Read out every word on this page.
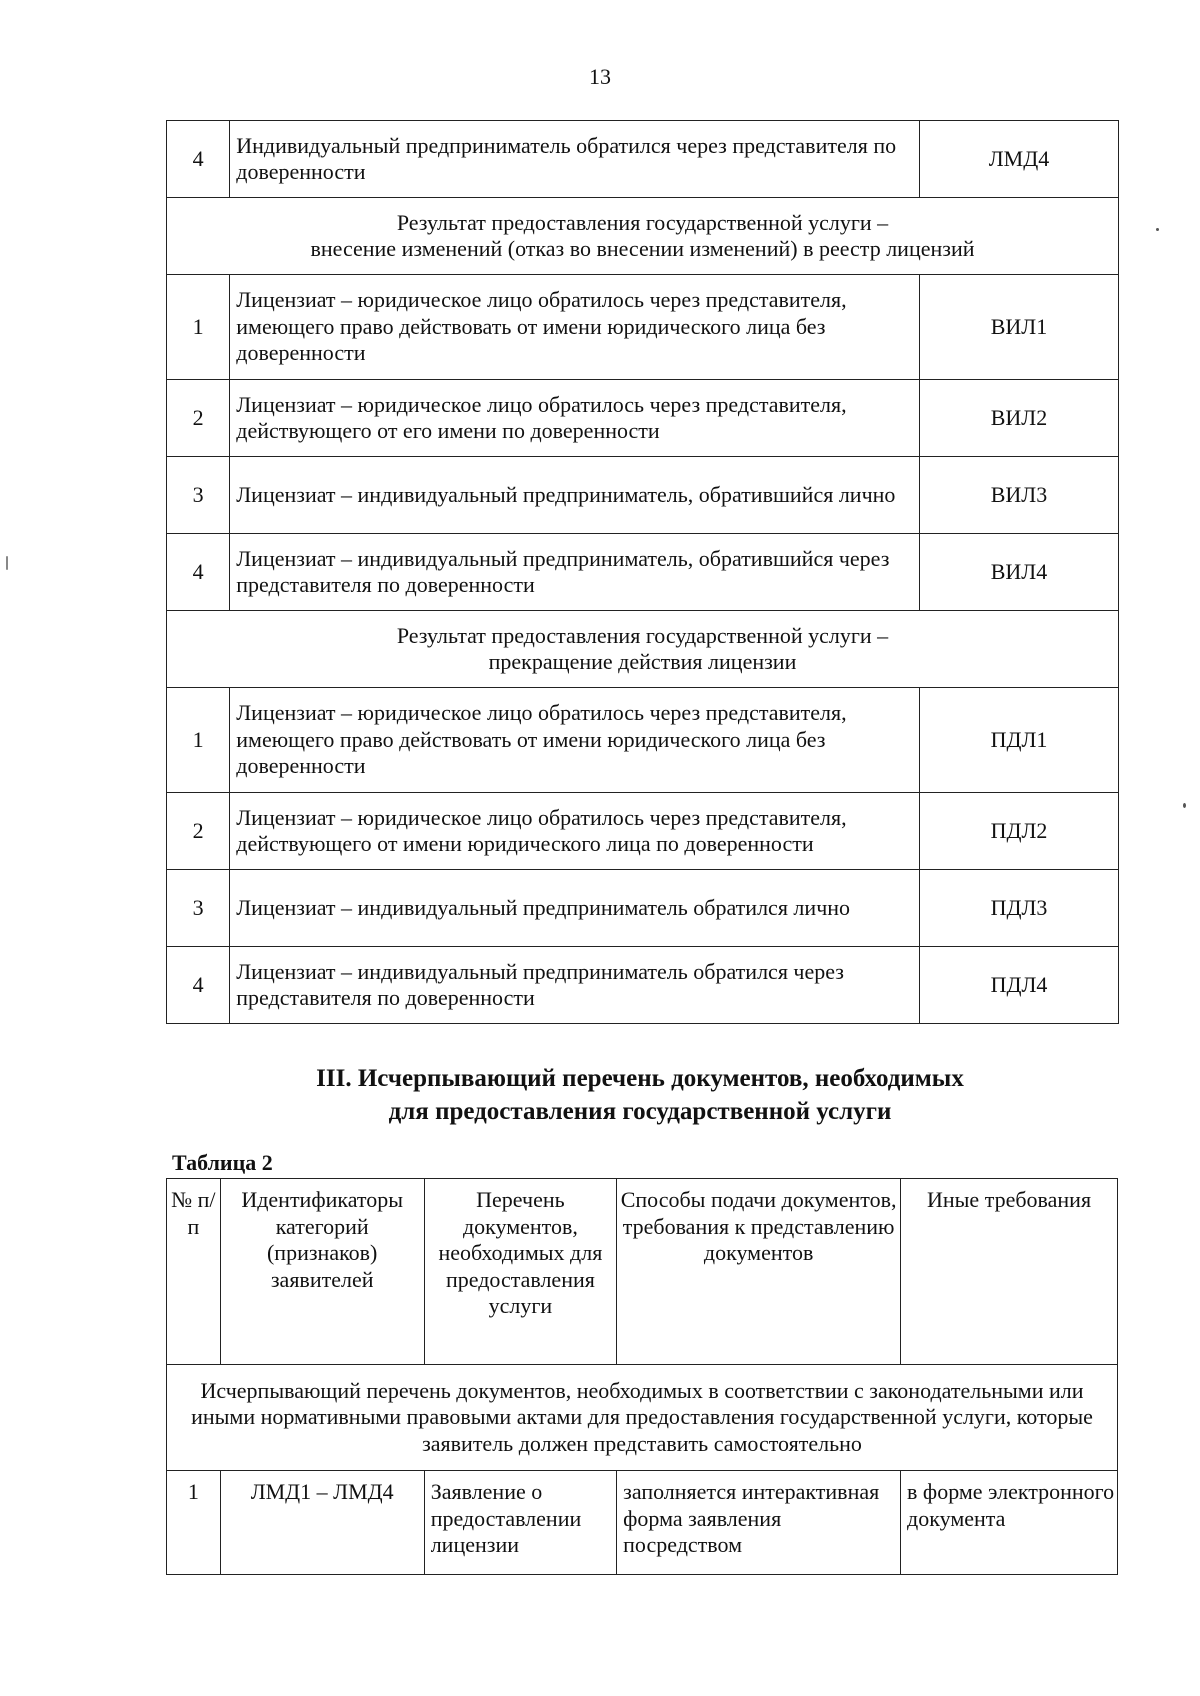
13
4	Индивидуальный предприниматель обратился через представителя по доверенности	ЛМД4

Результат предоставления государственной услуги –
внесение изменений (отказ во внесении изменений) в реестр лицензий		

1	Лицензиат – юридическое лицо обратилось через представителя, имеющего право действовать от имени юридического лица без доверенности	ВИЛ1
2	Лицензиат – юридическое лицо обратилось через представителя, действующего от его имени по доверенности	ВИЛ2
3	Лицензиат – индивидуальный предприниматель, обратившийся лично	ВИЛ3
4	Лицензиат – индивидуальный предприниматель, обратившийся через представителя по доверенности	ВИЛ4

Результат предоставления государственной услуги –
прекращение действия лицензии		

1	Лицензиат – юридическое лицо обратилось через представителя, имеющего право действовать от имени юридического лица без доверенности	ПДЛ1
2	Лицензиат – юридическое лицо обратилось через представителя, действующего от имени юридического лица по доверенности	ПДЛ2
3	Лицензиат – индивидуальный предприниматель обратился лично	ПДЛ3
4	Лицензиат – индивидуальный предприниматель обратился через представителя по доверенности	ПДЛ4
III. Исчерпывающий перечень документов, необходимых
для предоставления государственной услуги
Таблица 2
№ п/п	Идентификаторы категорий (признаков) заявителей	Перечень документов, необходимых для предоставления услуги	Способы подачи документов, требования к представлению документов	Иные требования
Исчерпывающий перечень документов, необходимых в соответствии с законодательными или иными нормативными правовыми актами для предоставления государственной услуги, которые заявитель должен представить самостоятельно				
1	ЛМД1 – ЛМД4	Заявление о предоставлении лицензии	заполняется интерактивная форма заявления посредством	в форме электронного документа
